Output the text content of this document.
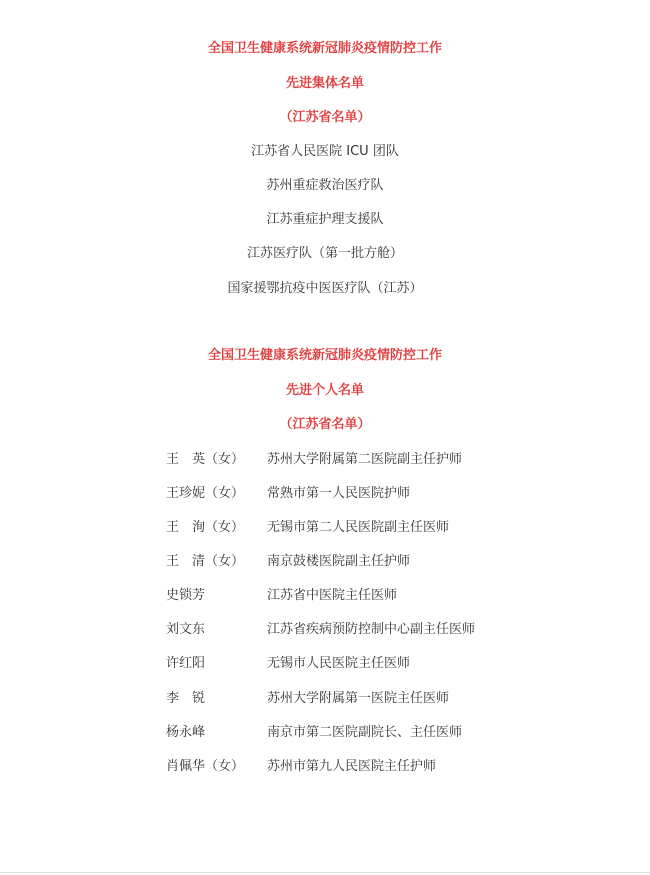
全国卫生健康系统新冠肺炎疫情防控工作
先进集体名单
（江苏省名单）
江苏省人民医院 ICU 团队
苏州重症救治医疗队
江苏重症护理支援队
江苏医疗队（第一批方舱）
国家援鄂抗疫中医医疗队（江苏）
全国卫生健康系统新冠肺炎疫情防控工作
先进个人名单
（江苏省名单）
王　英（女） 苏州大学附属第二医院副主任护师
王珍妮（女） 常熟市第一人民医院护师
王　洵（女） 无锡市第二人民医院副主任医师
王　清（女） 南京鼓楼医院副主任护师
史锁芳	江苏省中医院主任医师
刘文东	江苏省疾病预防控制中心副主任医师
许红阳	无锡市人民医院主任医师
李　锐	苏州大学附属第一医院主任医师
杨永峰	南京市第二医院副院长、主任医师
肖佩华（女） 苏州市第九人民医院主任护师
